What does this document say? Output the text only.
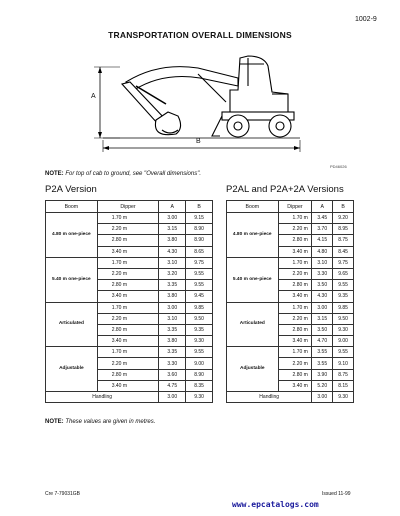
1002-9
TRANSPORTATION OVERALL DIMENSIONS
A
B
PD46026
NOTE: For top of cab to ground, see "Overall dimensions".
P2A Version	P2AL and P2A+2A Versions
Boom	Dipper	A	B
4.80 m one-piece	1.70 m	3.00	9.15
	2.20 m	3.15	8.90
	2.80 m	3.80	8.90
	3.40 m	4.30	8.65
5.40 m one-piece	1.70 m	3.10	9.75
	2.20 m	3.20	9.55
	2.80 m	3.35	9.55
	3.40 m	3.80	9.45
Articulated	1.70 m	3.00	9.85
	2.20 m	3.10	9.50
	2.80 m	3.35	9.35
	3.40 m	3.80	9.30
Adjustable	1.70 m	3.35	9.55
	2.20 m	3.30	9.00
	2.80 m	3.60	8.90
	3.40 m	4.75	8.35
Handling		3.00	9.30
Boom	Dipper	A	B
4.80 m one-piece	1.70 m	3.45	9.20
	2.20 m	3.70	8.95
	2.80 m	4.15	8.75
	3.40 m	4.80	8.45
5.40 m one-piece	1.70 m	3.10	9.75
	2.20 m	3.30	9.65
	2.80 m	3.50	9.55
	3.40 m	4.30	9.35
Articulated	1.70 m	3.00	9.85
	2.20 m	3.15	9.50
	2.80 m	3.50	9.30
	3.40 m	4.70	9.00
Adjustable	1.70 m	3.55	9.55
	2.20 m	3.55	9.10
	2.80 m	3.90	8.75
	3.40 m	5.20	8.15
Handling		3.00	9.30
NOTE: These values are given in metres.
Cre 7-79031GB	Issued 11-99
www.epcatalogs.com
